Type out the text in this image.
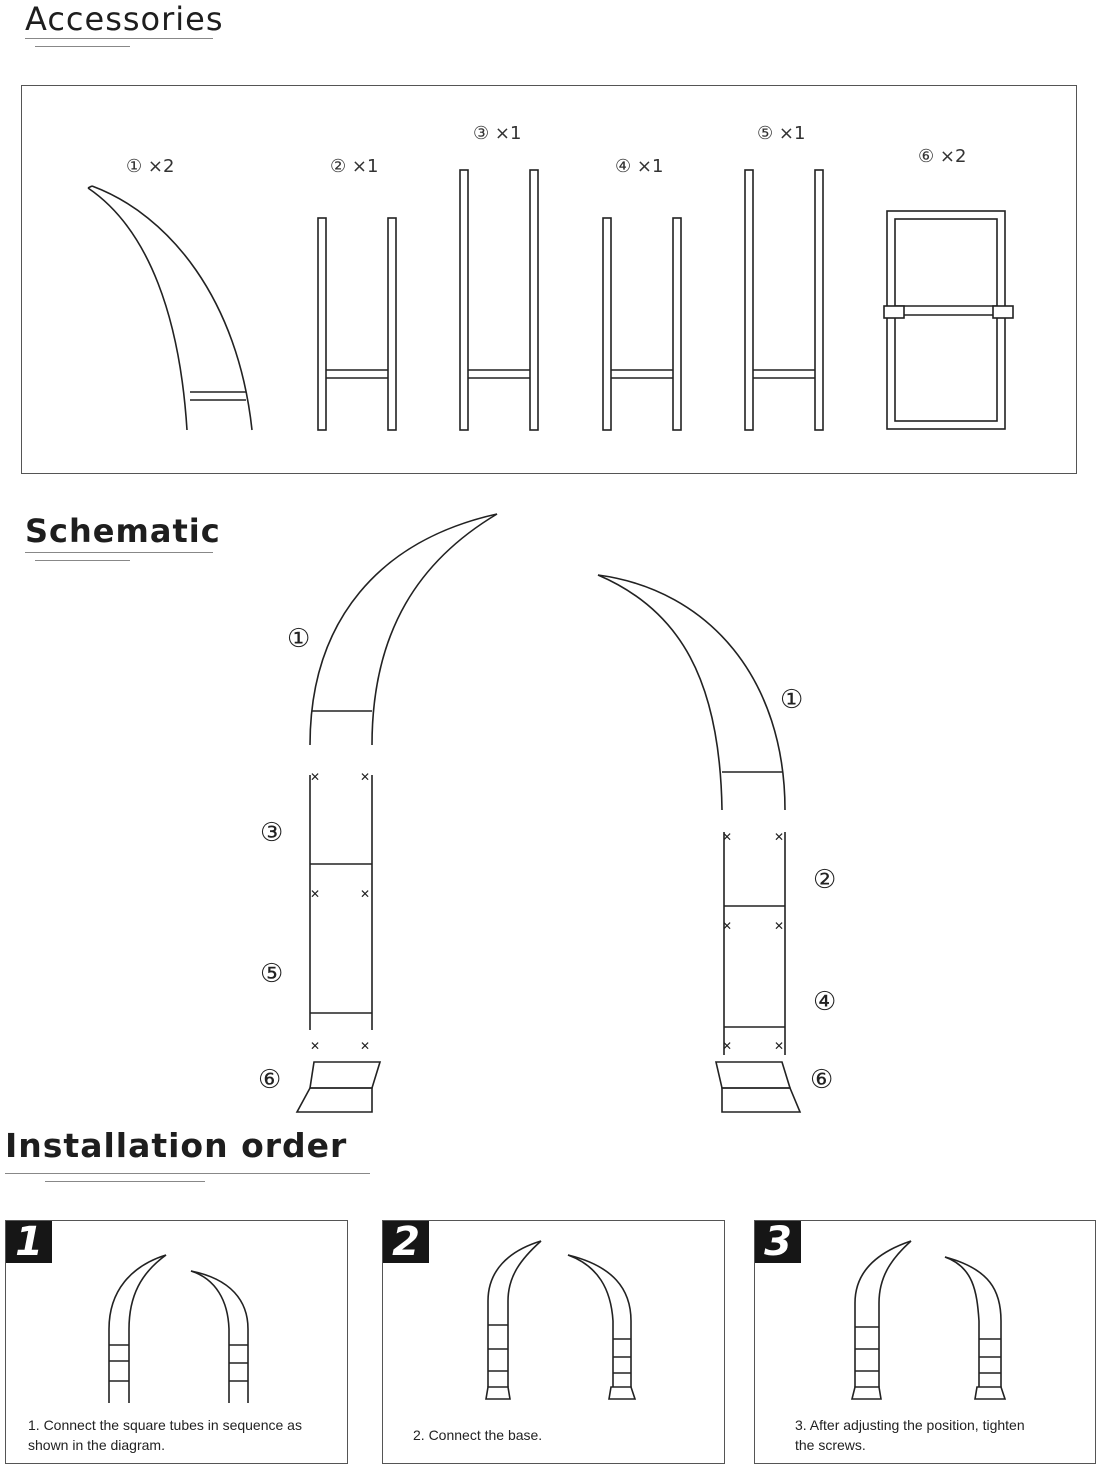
Accessories
① ×2	② ×1
③ ×1
④ ×1
⑤ ×1
⑥ ×2
Schematic
✕	✕
✕	✕
✕	✕
✕	✕
✕	✕
✕	✕
①
③
⑤
⑥
①
②
④
⑥
Installation order
1
1. Connect the square tubes in sequence as
shown in the diagram.
2
2. Connect the base.
3
3. After adjusting the position, tighten
the screws.
